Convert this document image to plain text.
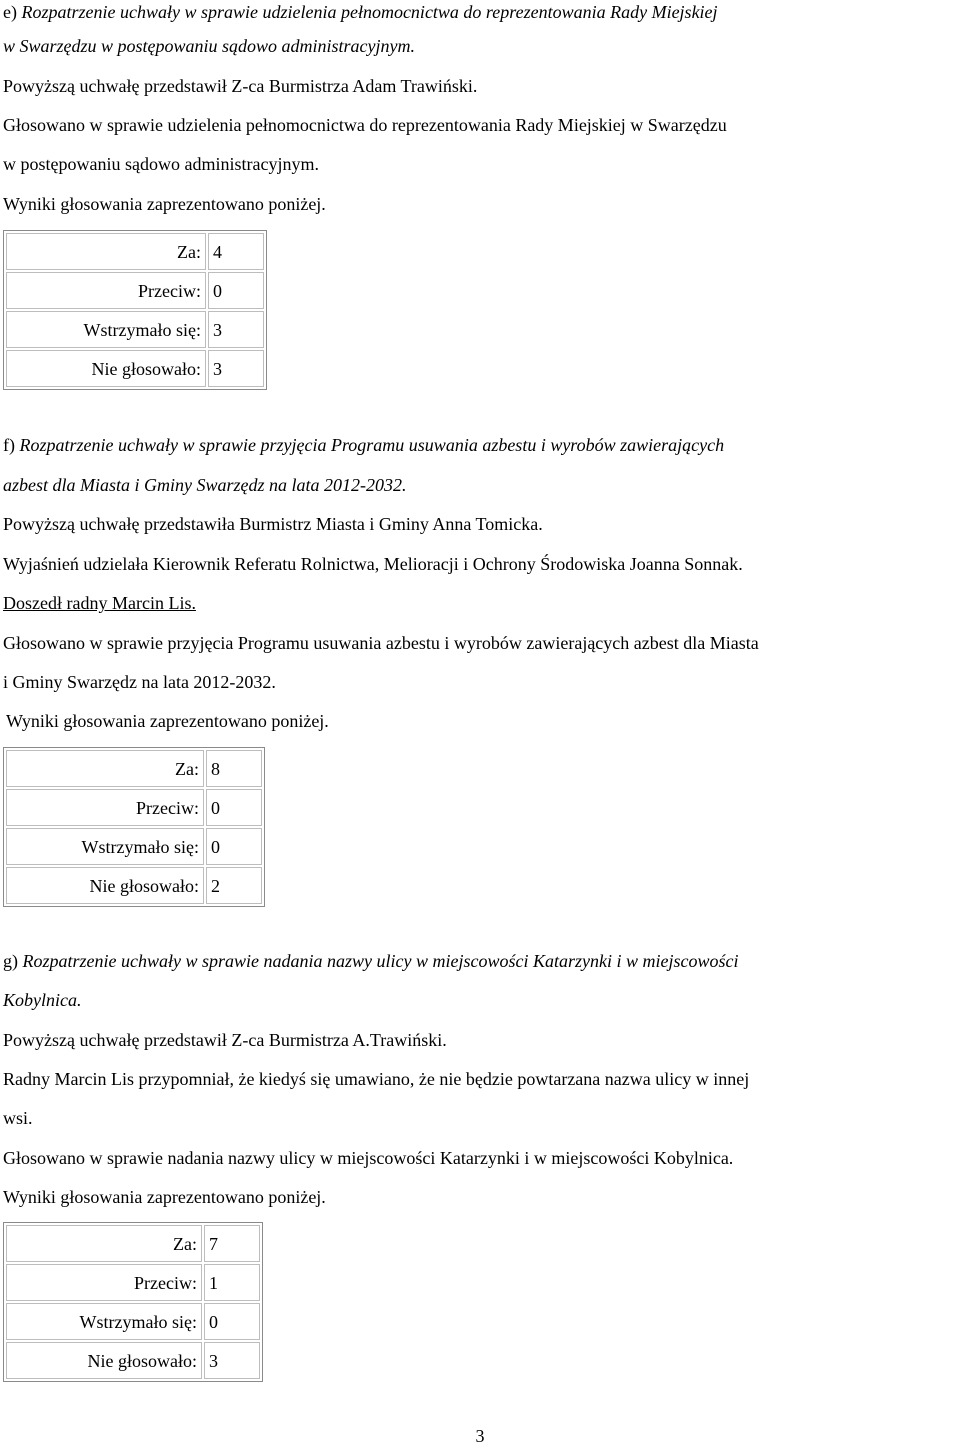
e) Rozpatrzenie uchwały w sprawie udzielenia pełnomocnictwa do reprezentowania Rady Miejskiej
w Swarzędzu w postępowaniu sądowo administracyjnym.
Powyższą uchwałę przedstawił Z-ca Burmistrza Adam Trawiński.
Głosowano w sprawie udzielenia pełnomocnictwa do reprezentowania Rady Miejskiej w Swarzędzu
w postępowaniu sądowo administracyjnym.
Wyniki głosowania zaprezentowano poniżej.
Za:	4
Przeciw:	0
Wstrzymało się:	3
Nie głosowało:	3
f) Rozpatrzenie uchwały w sprawie przyjęcia Programu usuwania azbestu i wyrobów zawierających
azbest dla Miasta i Gminy Swarzędz na lata 2012-2032.
Powyższą uchwałę przedstawiła Burmistrz Miasta i Gminy Anna Tomicka.
Wyjaśnień udzielała Kierownik Referatu Rolnictwa, Melioracji i Ochrony Środowiska Joanna Sonnak.
Doszedł radny Marcin Lis.
Głosowano w sprawie przyjęcia Programu usuwania azbestu i wyrobów zawierających azbest dla Miasta
i Gminy Swarzędz na lata 2012-2032.
Wyniki głosowania zaprezentowano poniżej.
Za:	8
Przeciw:	0
Wstrzymało się:	0
Nie głosowało:	2
g) Rozpatrzenie uchwały w sprawie nadania nazwy ulicy w miejscowości Katarzynki i w miejscowości
Kobylnica.
Powyższą uchwałę przedstawił Z-ca Burmistrza A.Trawiński.
Radny Marcin Lis przypomniał, że kiedyś się umawiano, że nie będzie powtarzana nazwa ulicy w innej
wsi.
Głosowano w sprawie nadania nazwy ulicy w miejscowości Katarzynki i w miejscowości Kobylnica.
Wyniki głosowania zaprezentowano poniżej.
Za:	7
Przeciw:	1
Wstrzymało się:	0
Nie głosowało:	3
3
